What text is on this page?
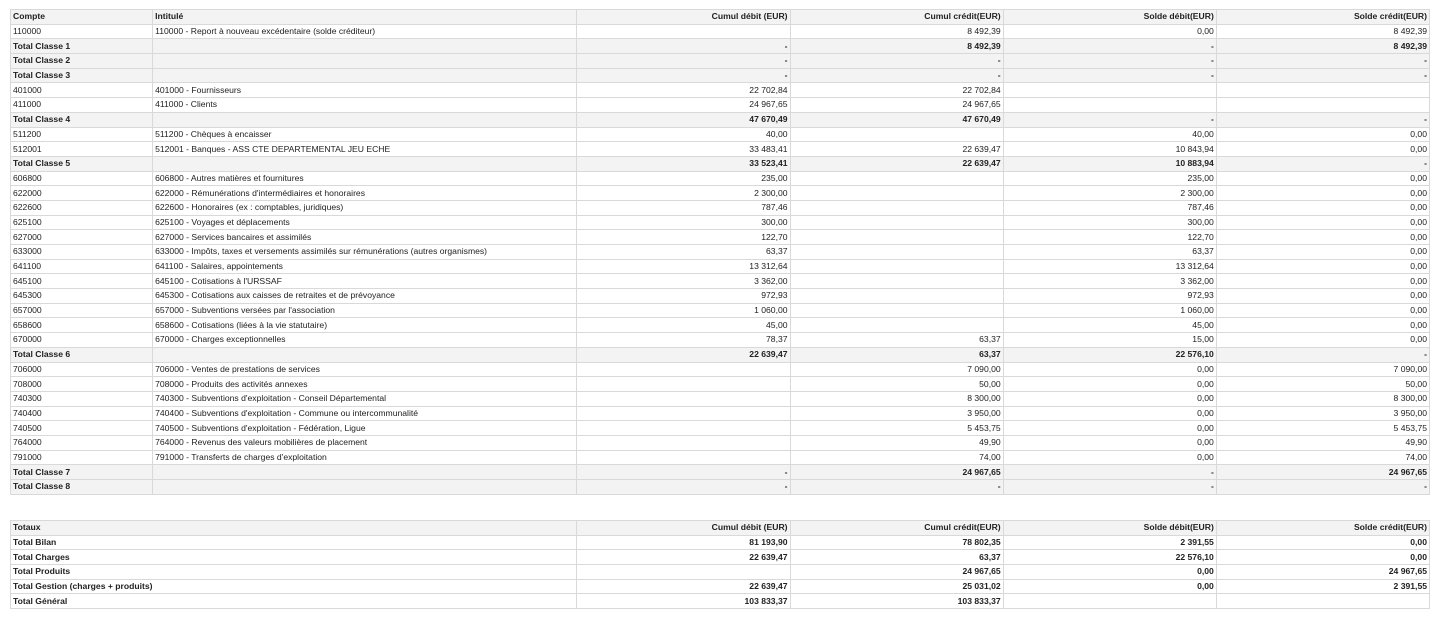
Compte	Intitulé	Cumul débit (EUR)	Cumul crédit(EUR)	Solde débit(EUR)	Solde crédit(EUR)
110000	110000 - Report à nouveau excédentaire (solde créditeur)		8 492,39	0,00	8 492,39
Total Classe 1		-	8 492,39	-	8 492,39
Total Classe 2		-	-	-	-
Total Classe 3		-	-	-	-
401000	401000 - Fournisseurs	22 702,84	22 702,84		
411000	411000 - Clients	24 967,65	24 967,65		
Total Classe 4		47 670,49	47 670,49	-	-
511200	511200 - Chèques à encaisser	40,00		40,00	0,00
512001	512001 - Banques - ASS CTE DEPARTEMENTAL JEU ECHE	33 483,41	22 639,47	10 843,94	0,00
Total Classe 5		33 523,41	22 639,47	10 883,94	-
606800	606800 - Autres matières et fournitures	235,00		235,00	0,00
622000	622000 - Rémunérations d'intermédiaires et honoraires	2 300,00		2 300,00	0,00
622600	622600 - Honoraires (ex : comptables, juridiques)	787,46		787,46	0,00
625100	625100 - Voyages et déplacements	300,00		300,00	0,00
627000	627000 - Services bancaires et assimilés	122,70		122,70	0,00
633000	633000 - Impôts, taxes et versements assimilés sur rémunérations (autres organismes)	63,37		63,37	0,00
641100	641100 - Salaires, appointements	13 312,64		13 312,64	0,00
645100	645100 - Cotisations à l'URSSAF	3 362,00		3 362,00	0,00
645300	645300 - Cotisations aux caisses de retraites et de prévoyance	972,93		972,93	0,00
657000	657000 - Subventions versées par l'association	1 060,00		1 060,00	0,00
658600	658600 - Cotisations (liées à la vie statutaire)	45,00		45,00	0,00
670000	670000 - Charges exceptionnelles	78,37	63,37	15,00	0,00
Total Classe 6		22 639,47	63,37	22 576,10	-
706000	706000 - Ventes de prestations de services		7 090,00	0,00	7 090,00
708000	708000 - Produits des activités annexes		50,00	0,00	50,00
740300	740300 - Subventions d'exploitation - Conseil Départemental		8 300,00	0,00	8 300,00
740400	740400 - Subventions d'exploitation - Commune ou intercommunalité		3 950,00	0,00	3 950,00
740500	740500 - Subventions d'exploitation - Fédération, Ligue		5 453,75	0,00	5 453,75
764000	764000 - Revenus des valeurs mobilières de placement		49,90	0,00	49,90
791000	791000 - Transferts de charges d'exploitation		74,00	0,00	74,00
Total Classe 7		-	24 967,65	-	24 967,65
Total Classe 8		-	-	-	-
Totaux	Cumul débit (EUR)	Cumul crédit(EUR)	Solde débit(EUR)	Solde crédit(EUR)
Total Bilan	81 193,90	78 802,35	2 391,55	0,00
Total Charges	22 639,47	63,37	22 576,10	0,00
Total Produits		24 967,65	0,00	24 967,65
Total Gestion (charges + produits)	22 639,47	25 031,02	0,00	2 391,55
Total Général	103 833,37	103 833,37		
